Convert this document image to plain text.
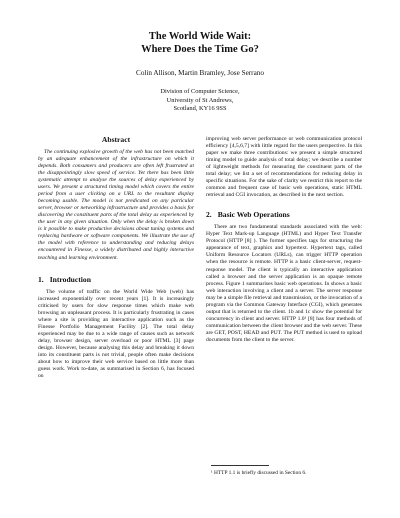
The World Wide Wait:
Where Does the Time Go?
Colin Allison, Martin Bramley, Jose Serrano
Division of Computer Science,
University of St Andrews,
Scotland, KY16 9SS
Abstract

The continuing explosive growth of the web has not been matched by an adequate enhancement of the infrastructure on which it depends. Both consumers and producers are often left frustrated at the disappointingly slow speed of service. Yet there has been little systematic attempt to analyse the sources of delay experienced by users. We present a structured timing model which covers the entire period from a user clicking on a URL to the resultant display becoming usable. The model is not predicated on any particular server, browser or networking infrastructure and provides a basis for discovering the constituent parts of the total delay as experienced by the user in any given situation. Only when the delay is broken down is it possible to make productive decisions about tuning systems and replacing hardware or software components. We illustrate the use of the model with reference to understanding and reducing delays encountered in Finesse, a widely distributed and highly interactive teaching and learning environment.

1. Introduction

The volume of traffic on the World Wide Web (web) has increased exponentially over recent years [1]. It is increasingly criticised by users for slow response times which make web browsing an unpleasant process. It is particularly frustrating in cases where a site is providing an interactive application such as the Finesse Portfolio Management Facility [2]. The total delay experienced may be due to a wide range of causes such as network delay, browser design, server overload or poor HTML [3] page design. However, because analysing this delay and breaking it down into its constituent parts is not trivial, people often make decisions about how to improve their web service based on little more than guess work. Work to-date, as summarised in Section 6, has focused on

improving web server performance or web communication protocol efficiency [4,5,6,7] with little regard for the users perspective. In this paper we make three contributions: we present a simple structured timing model to guide analysis of total delay; we describe a number of lightweight methods for measuring the constituent parts of the total delay; we list a set of recommendations for reducing delay in specific situations. For the sake of clarity we restrict this report to the common and frequent case of basic web operations, static HTML retrieval and CGI invocation, as described in the next section.

2. Basic Web Operations

There are two fundamental standards associated with the web: Hyper Text Mark-up Language (HTML) and Hyper Text Transfer Protocol (HTTP [8] ). The former specifies tags for structuring the appearance of text, graphics and hypertext. Hypertext tags, called Uniform Resource Locators (URLs), can trigger HTTP operation when the resource is remote. HTTP is a basic client-server, request-response model. The client is typically an interactive application called a browser and the server application is an opaque remote process. Figure 1 summarises basic web operations. In shows a basic web interaction involving a client and a server. The server response may be a simple file retrieval and transmission, or the invocation of a program via the Common Gateway Interface (CGI), which generates output that is returned to the client. 1b and 1c show the potential for concurrency in client and server. HTTP 1.0¹ [8] has four methods of communication between the client browser and the web server. These are GET, POST, HEAD and PUT. The PUT method is used to upload documents from the client to the server.

¹ HTTP 1.1 is briefly discussed in Section 6.
